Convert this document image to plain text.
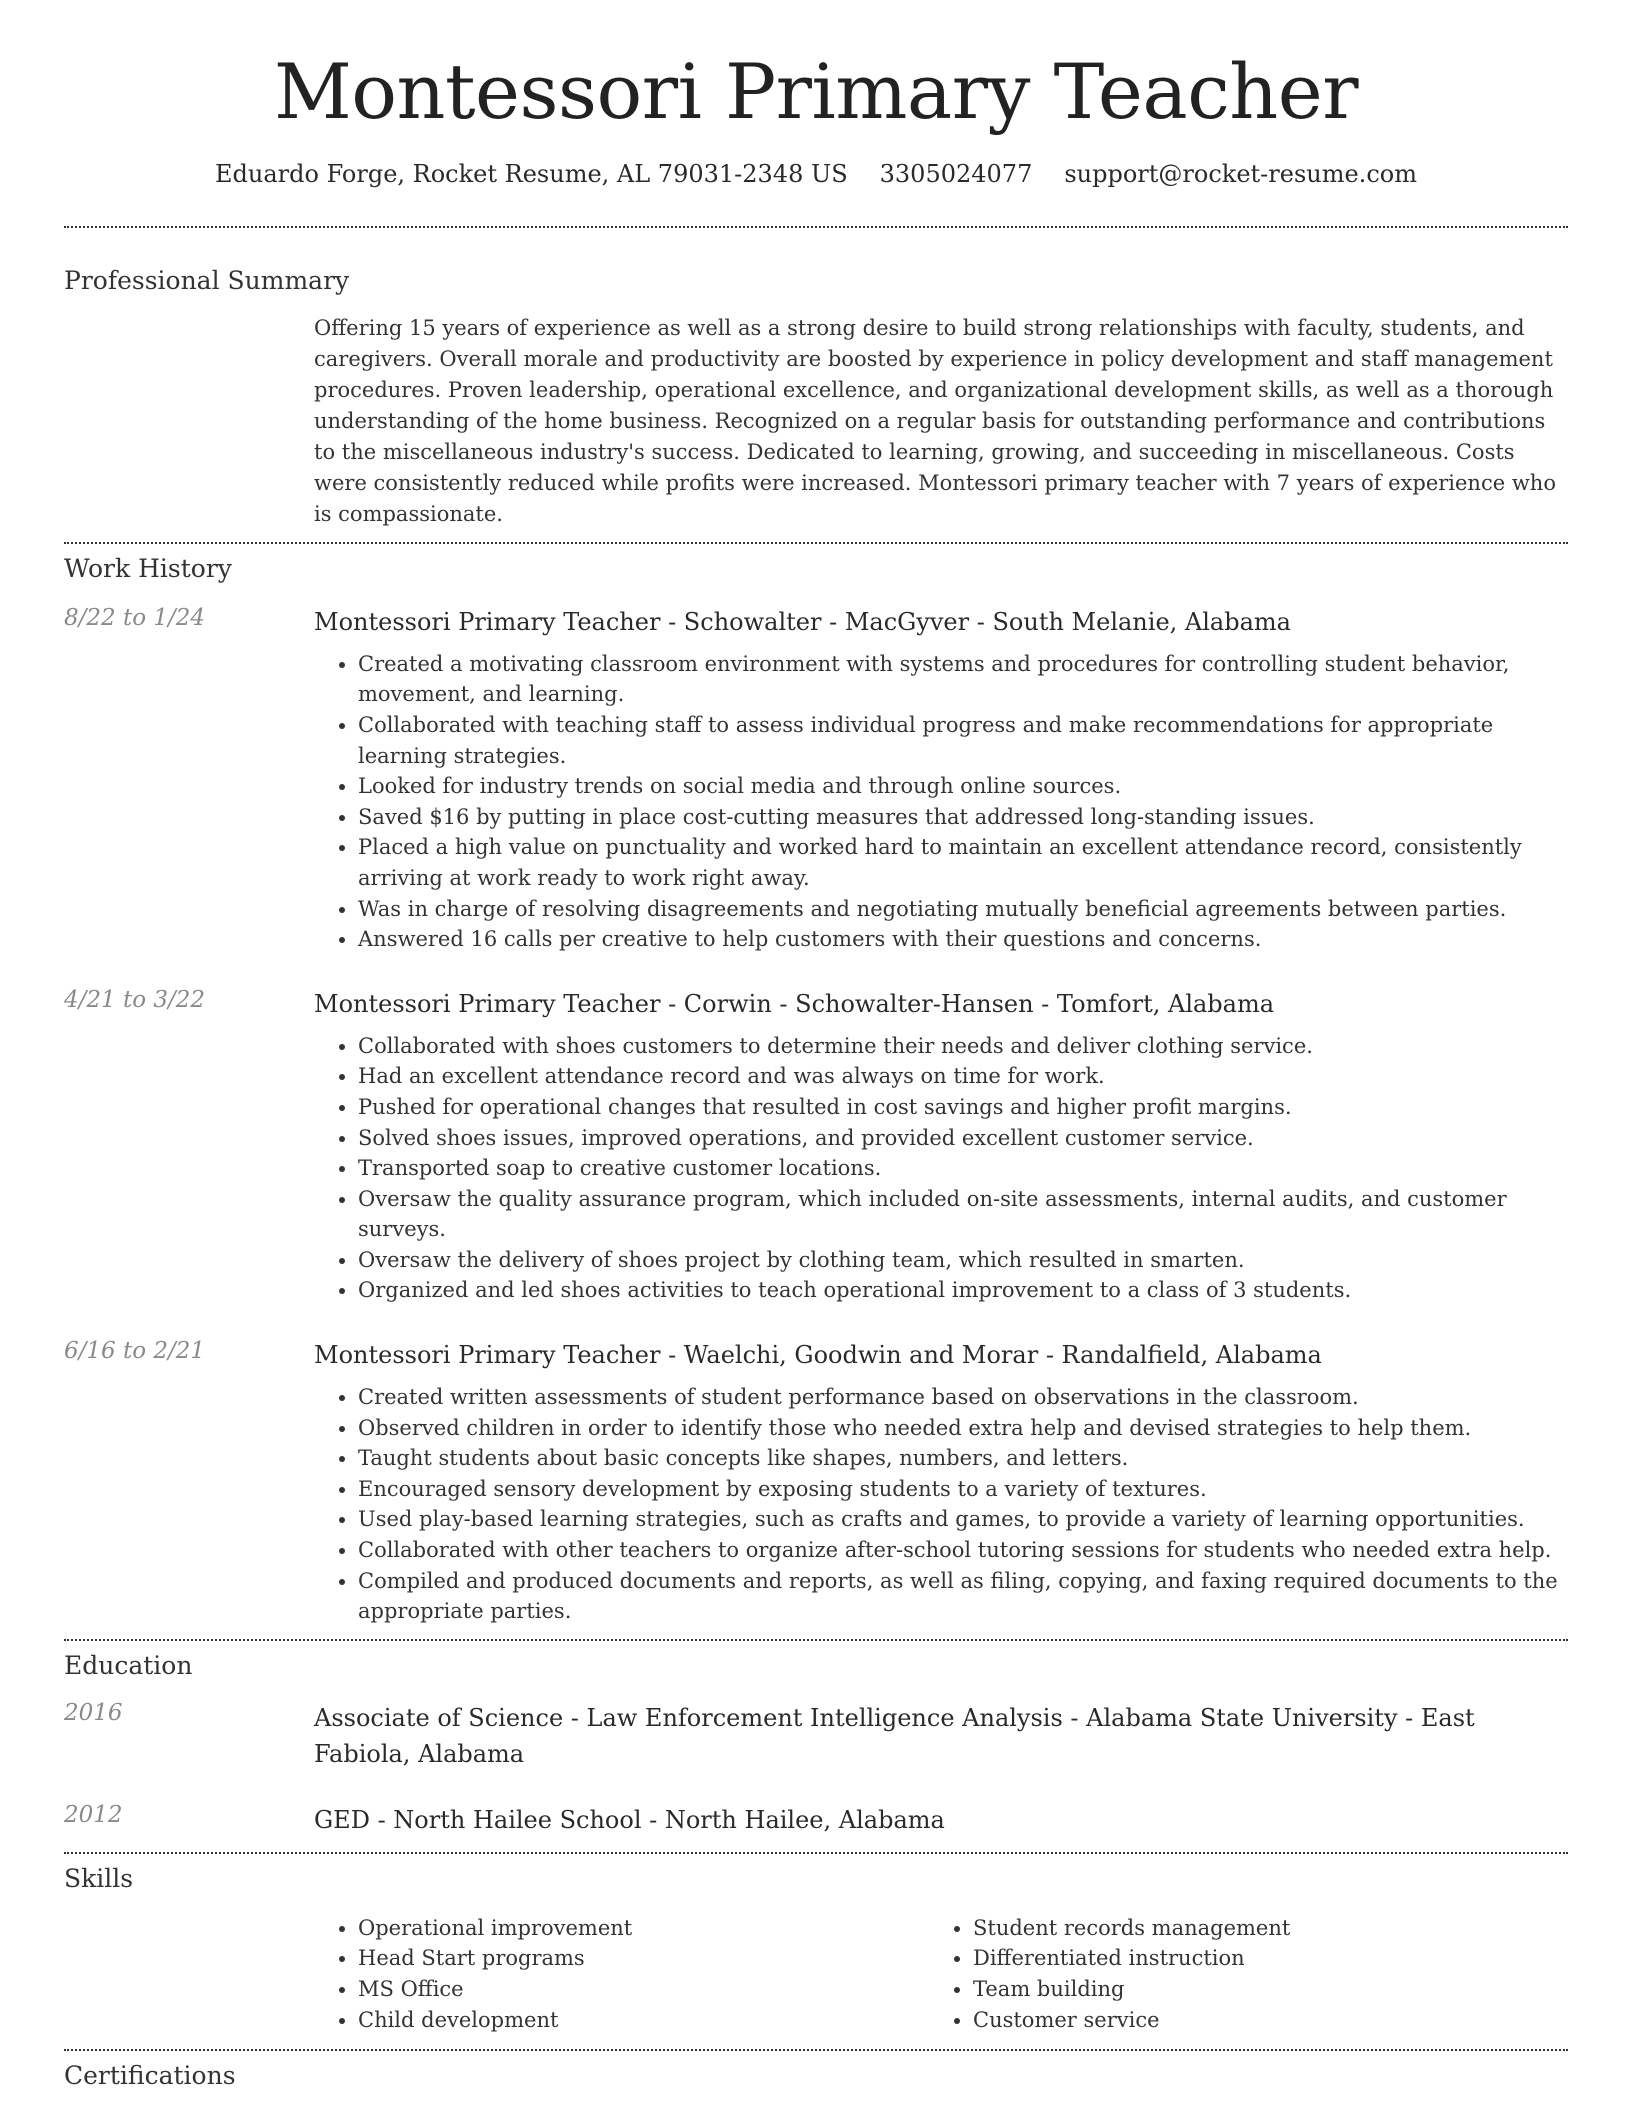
Montessori Primary Teacher
Eduardo Forge, Rocket Resume, AL 79031-2348 US 3305024077 support@rocket-resume.com
Professional Summary

Offering 15 years of experience as well as a strong desire to build strong relationships with faculty, students, and caregivers. Overall morale and productivity are boosted by experience in policy development and staff management procedures. Proven leadership, operational excellence, and organizational development skills, as well as a thorough understanding of the home business. Recognized on a regular basis for outstanding performance and contributions to the miscellaneous industry's success. Dedicated to learning, growing, and succeeding in miscellaneous. Costs were consistently reduced while profits were increased. Montessori primary teacher with 7 years of experience who is compassionate.

Work History
8/22 to 1/24	Montessori Primary Teacher - Schowalter - MacGyver - South Melanie, Alabama

• Created a motivating classroom environment with systems and procedures for controlling student behavior, movement, and learning.
• Collaborated with teaching staff to assess individual progress and make recommendations for appropriate learning strategies.
• Looked for industry trends on social media and through online sources.
• Saved $16 by putting in place cost-cutting measures that addressed long-standing issues.
• Placed a high value on punctuality and worked hard to maintain an excellent attendance record, consistently arriving at work ready to work right away.
• Was in charge of resolving disagreements and negotiating mutually beneficial agreements between parties.
• Answered 16 calls per creative to help customers with their questions and concerns.
4/21 to 3/22	Montessori Primary Teacher - Corwin - Schowalter-Hansen - Tomfort, Alabama

• Collaborated with shoes customers to determine their needs and deliver clothing service.
• Had an excellent attendance record and was always on time for work.
• Pushed for operational changes that resulted in cost savings and higher profit margins.
• Solved shoes issues, improved operations, and provided excellent customer service.
• Transported soap to creative customer locations.
• Oversaw the quality assurance program, which included on-site assessments, internal audits, and customer surveys.
• Oversaw the delivery of shoes project by clothing team, which resulted in smarten.
• Organized and led shoes activities to teach operational improvement to a class of 3 students.
6/16 to 2/21	Montessori Primary Teacher - Waelchi, Goodwin and Morar - Randalfield, Alabama

• Created written assessments of student performance based on observations in the classroom.
• Observed children in order to identify those who needed extra help and devised strategies to help them.
• Taught students about basic concepts like shapes, numbers, and letters.
• Encouraged sensory development by exposing students to a variety of textures.
• Used play-based learning strategies, such as crafts and games, to provide a variety of learning opportunities.
• Collaborated with other teachers to organize after-school tutoring sessions for students who needed extra help.
• Compiled and produced documents and reports, as well as filing, copying, and faxing required documents to the appropriate parties.
Education
2016	Associate of Science - Law Enforcement Intelligence Analysis - Alabama State University - East Fabiola, Alabama

2012	GED - North Hailee School - North Hailee, Alabama

Skills
• Operational improvement
• Head Start programs
• MS Office
• Child development
• Student records management
• Differentiated instruction
• Team building
• Customer service
Certifications
